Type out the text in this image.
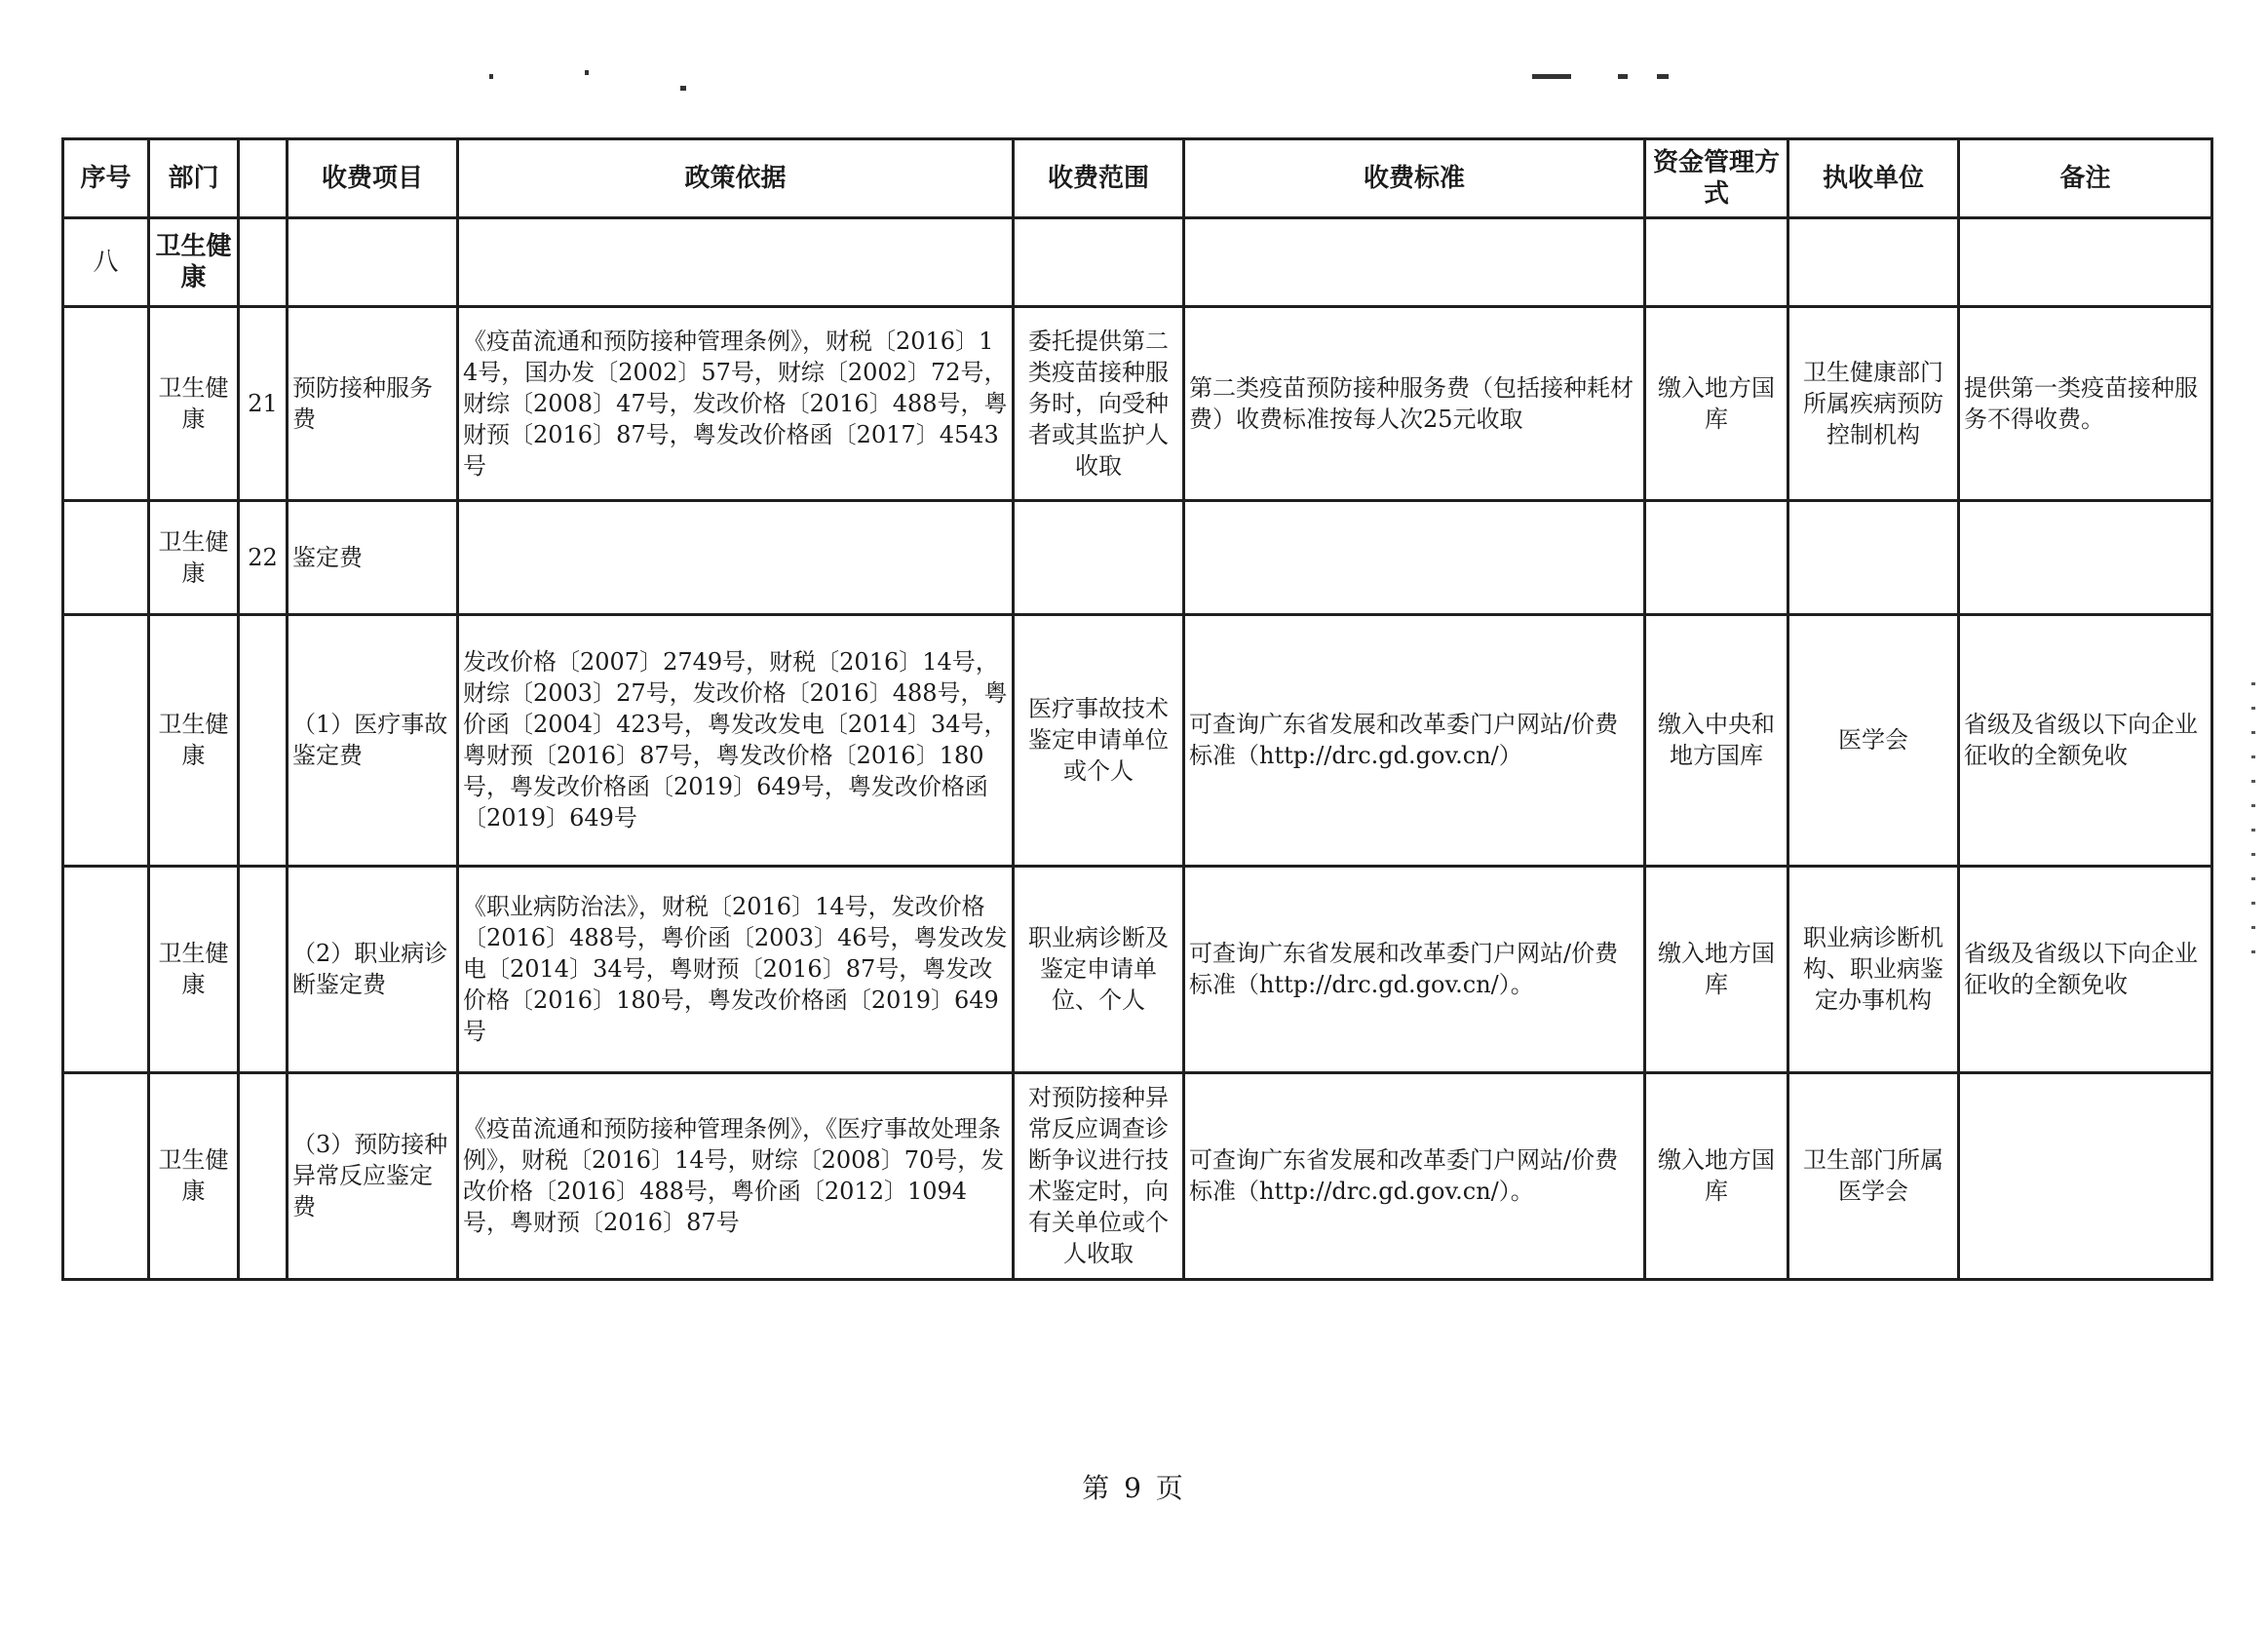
序号	部门		收费项目	政策依据	收费范围	收费标准	资金管理方式	执收单位	备注
八	卫生健康								
	卫生健康	21	预防接种服务费	《疫苗流通和预防接种管理条例》，财税〔2016〕14号，国办发〔2002〕57号，财综〔2002〕72号，财综〔2008〕47号，发改价格〔2016〕488号，粤财预〔2016〕87号，粤发改价格函〔2017〕4543号	委托提供第二类疫苗接种服务时，向受种者或其监护人收取	第二类疫苗预防接种服务费（包括接种耗材费）收费标准按每人次25元收取	缴入地方国库	卫生健康部门所属疾病预防控制机构	提供第一类疫苗接种服务不得收费。
	卫生健康	22	鉴定费						
	卫生健康		（1）医疗事故鉴定费	发改价格〔2007〕2749号，财税〔2016〕14号，财综〔2003〕27号，发改价格〔2016〕488号，粤价函〔2004〕423号，粤发改发电〔2014〕34号，粤财预〔2016〕87号，粤发改价格〔2016〕180号，粤发改价格函〔2019〕649号，粤发改价格函〔2019〕649号	医疗事故技术鉴定申请单位或个人	可查询广东省发展和改革委门户网站/价费标准（http://drc.gd.gov.cn/）	缴入中央和地方国库	医学会	省级及省级以下向企业征收的全额免收
	卫生健康		（2）职业病诊断鉴定费	《职业病防治法》，财税〔2016〕14号，发改价格〔2016〕488号，粤价函〔2003〕46号，粤发改发电〔2014〕34号，粤财预〔2016〕87号，粤发改价格〔2016〕180号，粤发改价格函〔2019〕649号	职业病诊断及鉴定申请单位、个人	可查询广东省发展和改革委门户网站/价费标准（http://drc.gd.gov.cn/）。	缴入地方国库	职业病诊断机构、职业病鉴定办事机构	省级及省级以下向企业征收的全额免收
	卫生健康		（3）预防接种异常反应鉴定费	《疫苗流通和预防接种管理条例》，《医疗事故处理条例》，财税〔2016〕14号，财综〔2008〕70号，发改价格〔2016〕488号，粤价函〔2012〕1094号，粤财预〔2016〕87号	对预防接种异常反应调查诊断争议进行技术鉴定时，向有关单位或个人收取	可查询广东省发展和改革委门户网站/价费标准（http://drc.gd.gov.cn/）。	缴入地方国库	卫生部门所属医学会	
第 9 页
